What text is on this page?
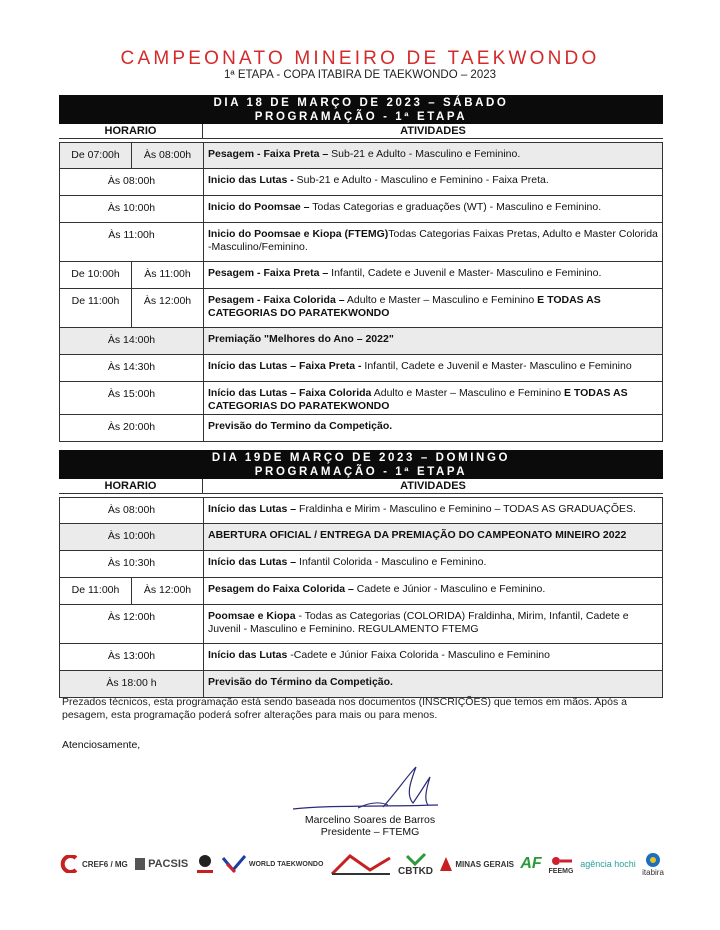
CAMPEONATO MINEIRO DE TAEKWONDO
1ª ETAPA - COPA ITABIRA DE TAEKWONDO – 2023
DIA 18 DE MARÇO DE 2023 – SÁBADO
PROGRAMAÇÃO - 1ª ETAPA
HORARIO	ATIVIDADES
De 07:00h	Às 08:00h	Pesagem - Faixa Preta – Sub-21 e Adulto - Masculino e Feminino.
Às 08:00h	Inicio das Lutas - Sub-21 e Adulto - Masculino e Feminino - Faixa Preta.
Às 10:00h	Inicio do Poomsae – Todas Categorias e graduações (WT) - Masculino e Feminino.
Às 11:00h	Inicio do Poomsae e Kiopa (FTEMG)Todas Categorias Faixas Pretas, Adulto e Master Colorida -Masculino/Feminino.
De 10:00h	Às 11:00h	Pesagem - Faixa Preta – Infantil, Cadete e Juvenil e Master- Masculino e Feminino.
De 11:00h	Às 12:00h	Pesagem - Faixa Colorida – Adulto e Master – Masculino e Feminino E TODAS AS CATEGORIAS DO PARATEKWONDO
Às 14:00h	Premiação "Melhores do Ano – 2022"
Às 14:30h	Início das Lutas – Faixa Preta - Infantil, Cadete e Juvenil e Master- Masculino e Feminino
Às 15:00h	Início das Lutas – Faixa Colorida Adulto e Master – Masculino e Feminino E TODAS AS CATEGORIAS DO PARATEKWONDO
Às 20:00h	Previsão do Termino da Competição.
DIA 19DE MARÇO DE 2023 – DOMINGO
PROGRAMAÇÃO - 1ª ETAPA
HORARIO	ATIVIDADES
Às 08:00h	Início das Lutas – Fraldinha e Mirim - Masculino e Feminino – TODAS AS GRADUAÇÕES.
Às 10:00h	ABERTURA OFICIAL / ENTREGA DA PREMIAÇÃO DO CAMPEONATO MINEIRO 2022
Às 10:30h	Início das Lutas – Infantil Colorida - Masculino e Feminino.
De 11:00h	Às 12:00h	Pesagem do Faixa Colorida – Cadete e Júnior - Masculino e Feminino.
Às 12:00h	Poomsae e Kiopa - Todas as Categorias (COLORIDA) Fraldinha, Mirim, Infantil, Cadete e Juvenil - Masculino e Feminino. REGULAMENTO FTEMG
Às 13:00h	Início das Lutas -Cadete e Júnior Faixa Colorida - Masculino e Feminino
Às 18:00 h	Previsão do Término da Competição.
Prezados técnicos, esta programação está sendo baseada nos documentos (INSCRIÇÕES) que temos em mãos. Após a pesagem, esta programação poderá sofrer alterações para mais ou para menos.
Atenciosamente,
Marcelino Soares de Barros
Presidente – FTEMG
CREF6 / MG PACSIS	WORLD TAEKWONDO
CBTKD
MINAS GERAIS AF FEEMG
agência hochi
itabira
